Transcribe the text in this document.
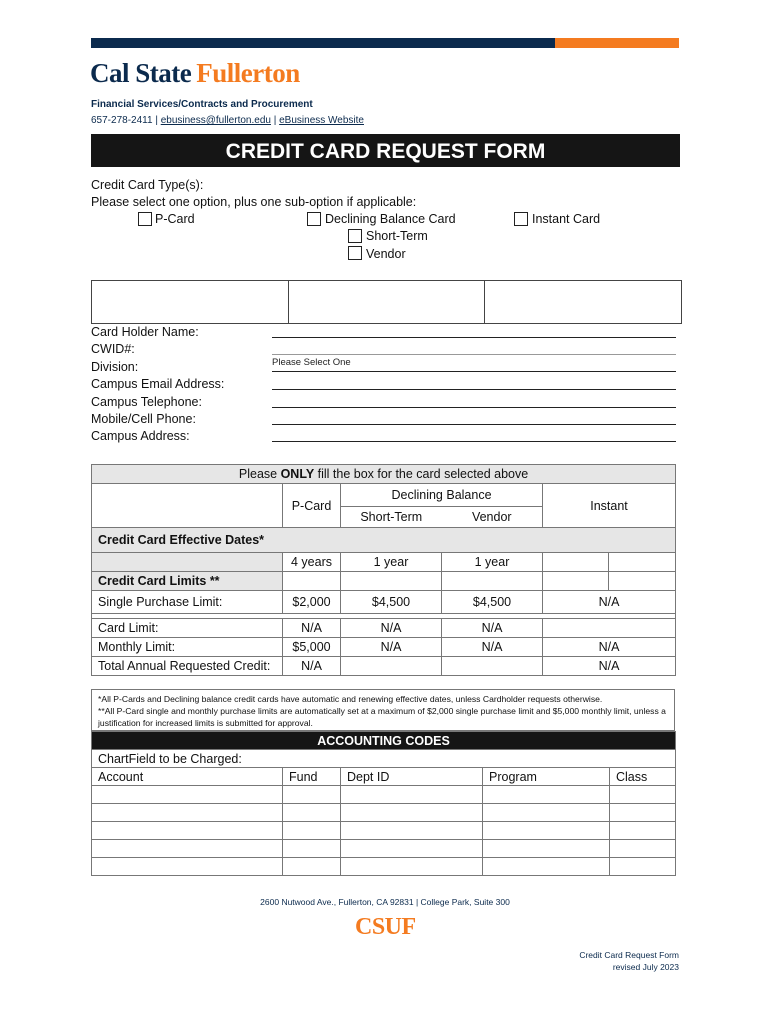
Cal State Fullerton
Financial Services/Contracts and Procurement
657-278-2411 | ebusiness@fullerton.edu | eBusiness Website
CREDIT CARD REQUEST FORM
Credit Card Type(s):
Please select one option, plus one sub-option if applicable:
P-Card	Declining Balance Card
Short-Term
Vendor
Instant Card
Card Holder Name:
CWID#:
Division:	Please Select One
Campus Email Address:
Campus Telephone:
Mobile/Cell Phone:
Campus Address:
Please ONLY fill the box for the card selected above					
	P-Card	Declining Balance		Instant	
		Short-Term	Vendor		
Credit Card Effective Dates*					
	4 years	1 year	1 year		
Credit Card Limits **					
Single Purchase Limit:	$2,000	$4,500	$4,500	N/A	

Card Limit:	N/A	N/A	N/A		
Monthly Limit:	$5,000	N/A	N/A	N/A	
Total Annual Requested Credit:	N/A			N/A	
*All P-Cards and Declining balance credit cards have automatic and renewing effective dates, unless Cardholder requests otherwise.
**All P-Card single and monthly purchase limits are automatically set at a maximum of $2,000 single purchase limit and $5,000 monthly limit, unless a justification for increased limits is submitted for approval.
ACCOUNTING CODES				
ChartField to be Charged:				
Account	Fund	Dept ID	Program	Class

2600 Nutwood Ave., Fullerton, CA 92831 | College Park, Suite 300
CSUF
Credit Card Request Form
revised July 2023
